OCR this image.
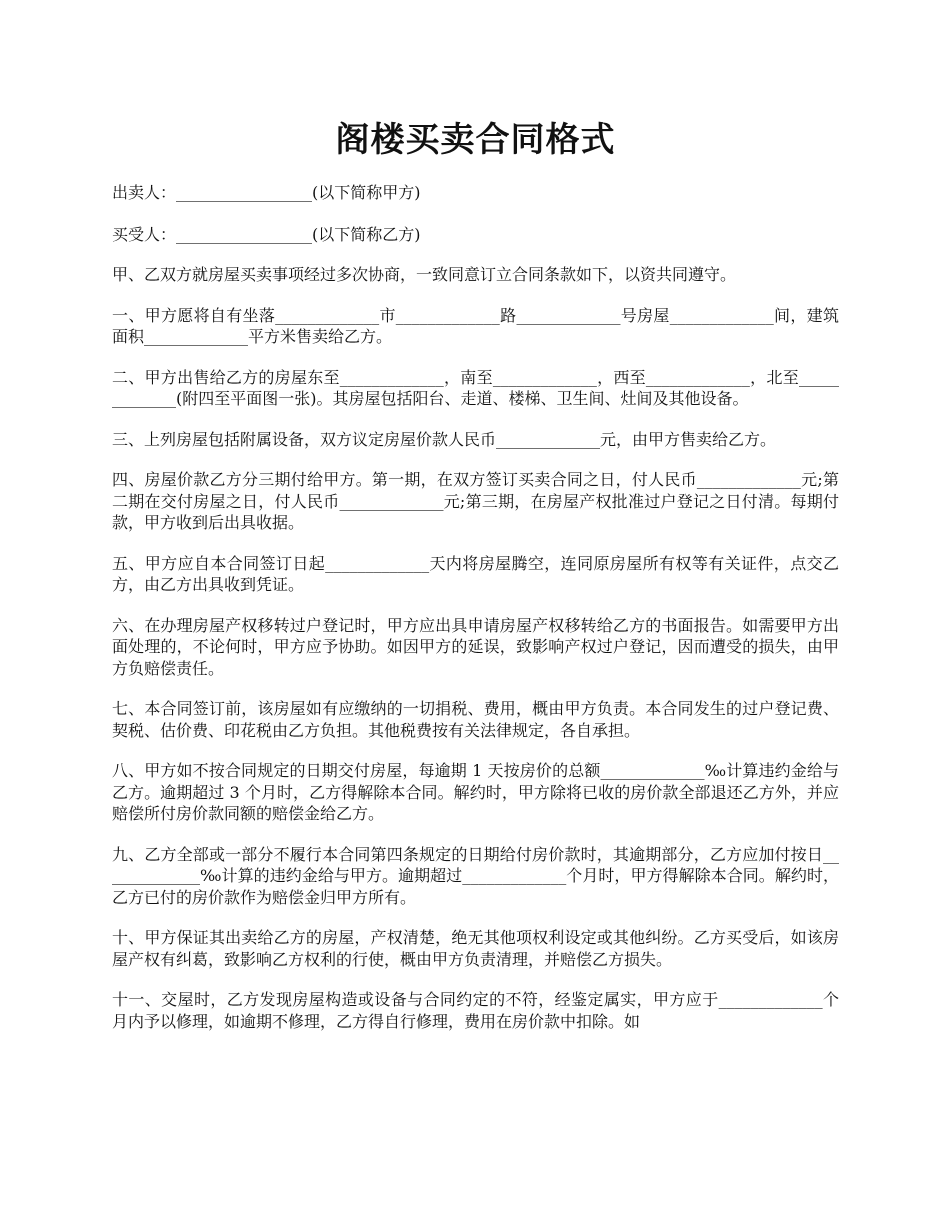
阁楼买卖合同格式

出卖人：_________________(以下简称甲方)

买受人：_________________(以下简称乙方)

甲、乙双方就房屋买卖事项经过多次协商，一致同意订立合同条款如下，以资共同遵守。

一、甲方愿将自有坐落_____________市_____________路_____________号房屋_____________间，建筑面积_____________平方米售卖给乙方。

二、甲方出售给乙方的房屋东至_____________，南至_____________，西至_____________，北至_____________(附四至平面图一张)。其房屋包括阳台、走道、楼梯、卫生间、灶间及其他设备。

三、上列房屋包括附属设备，双方议定房屋价款人民币_____________元，由甲方售卖给乙方。

四、房屋价款乙方分三期付给甲方。第一期，在双方签订买卖合同之日，付人民币_____________元;第二期在交付房屋之日，付人民币_____________元;第三期，在房屋产权批准过户登记之日付清。每期付款，甲方收到后出具收据。

五、甲方应自本合同签订日起_____________天内将房屋腾空，连同原房屋所有权等有关证件，点交乙方，由乙方出具收到凭证。

六、在办理房屋产权移转过户登记时，甲方应出具申请房屋产权移转给乙方的书面报告。如需要甲方出面处理的，不论何时，甲方应予协助。如因甲方的延误，致影响产权过户登记，因而遭受的损失，由甲方负赔偿责任。

七、本合同签订前，该房屋如有应缴纳的一切捐税、费用，概由甲方负责。本合同发生的过户登记费、契税、估价费、印花税由乙方负担。其他税费按有关法律规定，各自承担。

八、甲方如不按合同规定的日期交付房屋，每逾期 1 天按房价的总额_____________‰计算违约金给与乙方。逾期超过 3 个月时，乙方得解除本合同。解约时，甲方除将已收的房价款全部退还乙方外，并应赔偿所付房价款同额的赔偿金给乙方。

九、乙方全部或一部分不履行本合同第四条规定的日期给付房价款时，其逾期部分，乙方应加付按日_____________‰计算的违约金给与甲方。逾期超过_____________个月时，甲方得解除本合同。解约时，乙方已付的房价款作为赔偿金归甲方所有。

十、甲方保证其出卖给乙方的房屋，产权清楚，绝无其他项权利设定或其他纠纷。乙方买受后，如该房屋产权有纠葛，致影响乙方权利的行使，概由甲方负责清理，并赔偿乙方损失。

十一、交屋时，乙方发现房屋构造或设备与合同约定的不符，经鉴定属实，甲方应于_____________个月内予以修理，如逾期不修理，乙方得自行修理，费用在房价款中扣除。如
